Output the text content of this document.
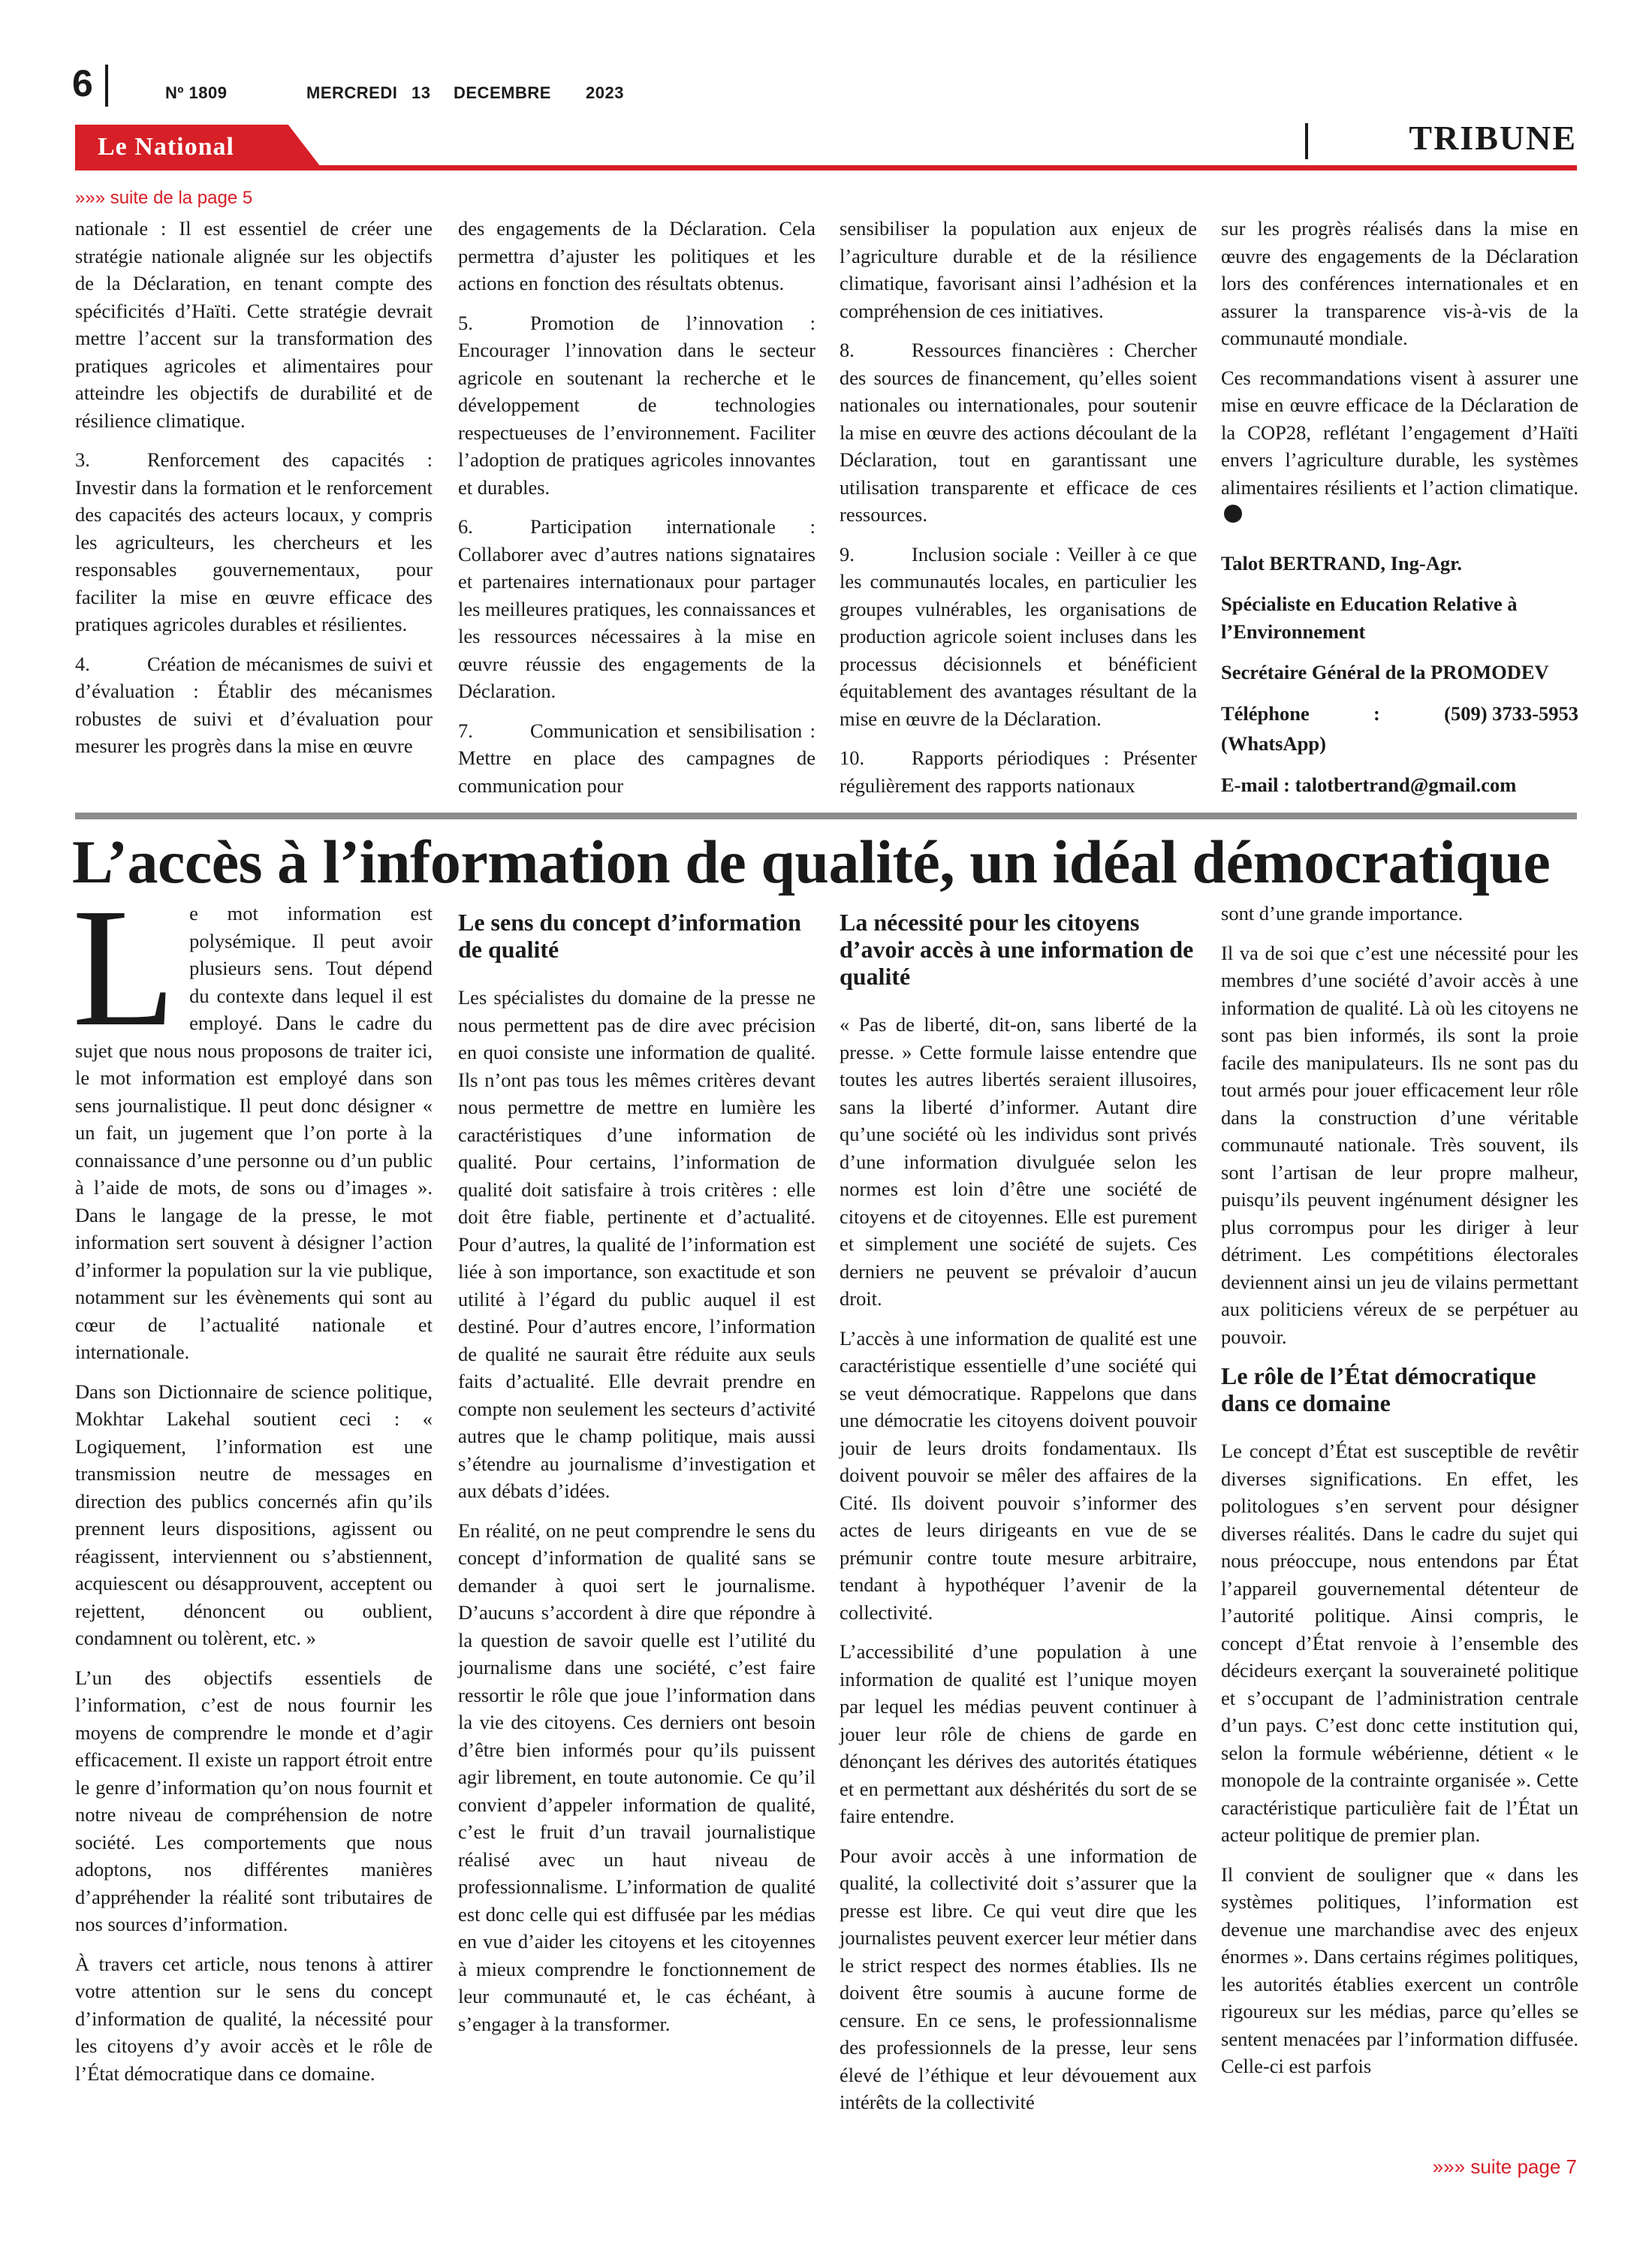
6	Nº 1809	MERCREDI 13 DECEMBRE 2023
Le National	TRIBUNE
»»» suite de la page 5

nationale : Il est essentiel de créer une stratégie nationale alignée sur les objectifs de la Déclaration, en tenant compte des spécificités d’Haïti. Cette stratégie devrait mettre l’accent sur la transformation des pratiques agricoles et alimentaires pour atteindre les objectifs de durabilité et de résilience climatique.

3.	Renforcement des capacités : Investir dans la formation et le renforcement des capacités des acteurs locaux, y compris les agriculteurs, les chercheurs et les responsables gouvernementaux, pour faciliter la mise en œuvre efficace des pratiques agricoles durables et résilientes.

4.	Création de mécanismes de suivi et d’évaluation : Établir des mécanismes robustes de suivi et d’évaluation pour mesurer les progrès dans la mise en œuvre

des engagements de la Déclaration. Cela permettra d’ajuster les politiques et les actions en fonction des résultats obtenus.

5.	Promotion de l’innovation : Encourager l’innovation dans le secteur agricole en soutenant la recherche et le développement de technologies respectueuses de l’environnement. Faciliter l’adoption de pratiques agricoles innovantes et durables.

6.	Participation internationale : Collaborer avec d’autres nations signataires et partenaires internationaux pour partager les meilleures pratiques, les connaissances et les ressources nécessaires à la mise en œuvre réussie des engagements de la Déclaration.

7.	Communication et sensibilisation : Mettre en place des campagnes de communication pour

sensibiliser la population aux enjeux de l’agriculture durable et de la résilience climatique, favorisant ainsi l’adhésion et la compréhension de ces initiatives.

8.	Ressources financières : Chercher des sources de financement, qu’elles soient nationales ou internationales, pour soutenir la mise en œuvre des actions découlant de la Déclaration, tout en garantissant une utilisation transparente et efficace de ces ressources.

9.	Inclusion sociale : Veiller à ce que les communautés locales, en particulier les groupes vulnérables, les organisations de production agricole soient incluses dans les processus décisionnels et bénéficient équitablement des avantages résultant de la mise en œuvre de la Déclaration.

10. Rapports périodiques : Présenter régulièrement des rapports nationaux

sur les progrès réalisés dans la mise en œuvre des engagements de la Déclaration lors des conférences internationales et en assurer la transparence vis-à-vis de la communauté mondiale.

Ces recommandations visent à assurer une mise en œuvre efficace de la Déclaration de la COP28, reflétant l’engagement d’Haïti envers l’agriculture durable, les systèmes alimentaires résilients et l’action climatique.

Talot BERTRAND, Ing-Agr.

Spécialiste en Education Relative à l’Environnement

Secrétaire Général de la PROMODEV

Téléphone	:	(509) 3733-5953

(WhatsApp)

E-mail : talotbertrand@gmail.com

L’accès à l’information de qualité, un idéal démocratique

Le mot information est polysémique. Il peut avoir plusieurs sens. Tout dépend du contexte dans lequel il est employé. Dans le cadre du sujet que nous nous proposons de traiter ici, le mot information est employé dans son sens journalistique. Il peut donc désigner « un fait, un jugement que l’on porte à la connaissance d’une personne ou d’un public à l’aide de mots, de sons ou d’images ». Dans le langage de la presse, le mot information sert souvent à désigner l’action d’informer la population sur la vie publique, notamment sur les évènements qui sont au cœur de l’actualité nationale et internationale.

Dans son Dictionnaire de science politique, Mokhtar Lakehal soutient ceci : « Logiquement, l’information est une transmission neutre de messages en direction des publics concernés afin qu’ils prennent leurs dispositions, agissent ou réagissent, interviennent ou s’abstiennent, acquiescent ou désapprouvent, acceptent ou rejettent, dénoncent ou oublient, condamnent ou tolèrent, etc. »

L’un des objectifs essentiels de l’information, c’est de nous fournir les moyens de comprendre le monde et d’agir efficacement. Il existe un rapport étroit entre le genre d’information qu’on nous fournit et notre niveau de compréhension de notre société. Les comportements que nous adoptons, nos différentes manières d’appréhender la réalité sont tributaires de nos sources d’information.

À travers cet article, nous tenons à attirer votre attention sur le sens du concept d’information de qualité, la nécessité pour les citoyens d’y avoir accès et le rôle de l’État démocratique dans ce domaine.

Le sens du concept d’information de qualité

Les spécialistes du domaine de la presse ne nous permettent pas de dire avec précision en quoi consiste une information de qualité. Ils n’ont pas tous les mêmes critères devant nous permettre de mettre en lumière les caractéristiques d’une information de qualité. Pour certains, l’information de qualité doit satisfaire à trois critères : elle doit être fiable, pertinente et d’actualité. Pour d’autres, la qualité de l’information est liée à son importance, son exactitude et son utilité à l’égard du public auquel il est destiné. Pour d’autres encore, l’information de qualité ne saurait être réduite aux seuls faits d’actualité. Elle devrait prendre en compte non seulement les secteurs d’activité autres que le champ politique, mais aussi s’étendre au journalisme d’investigation et aux débats d’idées.

En réalité, on ne peut comprendre le sens du concept d’information de qualité sans se demander à quoi sert le journalisme. D’aucuns s’accordent à dire que répondre à la question de savoir quelle est l’utilité du journalisme dans une société, c’est faire ressortir le rôle que joue l’information dans la vie des citoyens. Ces derniers ont besoin d’être bien informés pour qu’ils puissent agir librement, en toute autonomie. Ce qu’il convient d’appeler information de qualité, c’est le fruit d’un travail journalistique réalisé avec un haut niveau de professionnalisme. L’information de qualité est donc celle qui est diffusée par les médias en vue d’aider les citoyens et les citoyennes à mieux comprendre le fonctionnement de leur communauté et, le cas échéant, à s’engager à la transformer.

La nécessité pour les citoyens d’avoir accès à une information de qualité

« Pas de liberté, dit-on, sans liberté de la presse. » Cette formule laisse entendre que toutes les autres libertés seraient illusoires, sans la liberté d’informer. Autant dire qu’une société où les individus sont privés d’une information divulguée selon les normes est loin d’être une société de citoyens et de citoyennes. Elle est purement et simplement une société de sujets. Ces derniers ne peuvent se prévaloir d’aucun droit.

L’accès à une information de qualité est une caractéristique essentielle d’une société qui se veut démocratique. Rappelons que dans une démocratie les citoyens doivent pouvoir jouir de leurs droits fondamentaux. Ils doivent pouvoir se mêler des affaires de la Cité. Ils doivent pouvoir s’informer des actes de leurs dirigeants en vue de se prémunir contre toute mesure arbitraire, tendant à hypothéquer l’avenir de la collectivité.

L’accessibilité d’une population à une information de qualité est l’unique moyen par lequel les médias peuvent continuer à jouer leur rôle de chiens de garde en dénonçant les dérives des autorités étatiques et en permettant aux déshérités du sort de se faire entendre.

Pour avoir accès à une information de qualité, la collectivité doit s’assurer que la presse est libre. Ce qui veut dire que les journalistes peuvent exercer leur métier dans le strict respect des normes établies. Ils ne doivent être soumis à aucune forme de censure. En ce sens, le professionnalisme des professionnels de la presse, leur sens élevé de l’éthique et leur dévouement aux intérêts de la collectivité

sont d’une grande importance.

Il va de soi que c’est une nécessité pour les membres d’une société d’avoir accès à une information de qualité. Là où les citoyens ne sont pas bien informés, ils sont la proie facile des manipulateurs. Ils ne sont pas du tout armés pour jouer efficacement leur rôle dans la construction d’une véritable communauté nationale. Très souvent, ils sont l’artisan de leur propre malheur, puisqu’ils peuvent ingénument désigner les plus corrompus pour les diriger à leur détriment. Les compétitions électorales deviennent ainsi un jeu de vilains permettant aux politiciens véreux de se perpétuer au pouvoir.

Le rôle de l’État démocratique dans ce domaine

Le concept d’État est susceptible de revêtir diverses significations. En effet, les politologues s’en servent pour désigner diverses réalités. Dans le cadre du sujet qui nous préoccupe, nous entendons par État l’appareil gouvernemental détenteur de l’autorité politique. Ainsi compris, le concept d’État renvoie à l’ensemble des décideurs exerçant la souveraineté politique et s’occupant de l’administration centrale d’un pays. C’est donc cette institution qui, selon la formule wébérienne, détient « le monopole de la contrainte organisée ». Cette caractéristique particulière fait de l’État un acteur politique de premier plan.

Il convient de souligner que « dans les systèmes politiques, l’information est devenue une marchandise avec des enjeux énormes ». Dans certains régimes politiques, les autorités établies exercent un contrôle rigoureux sur les médias, parce qu’elles se sentent menacées par l’information diffusée. Celle-ci est parfois

»»» suite page 7
